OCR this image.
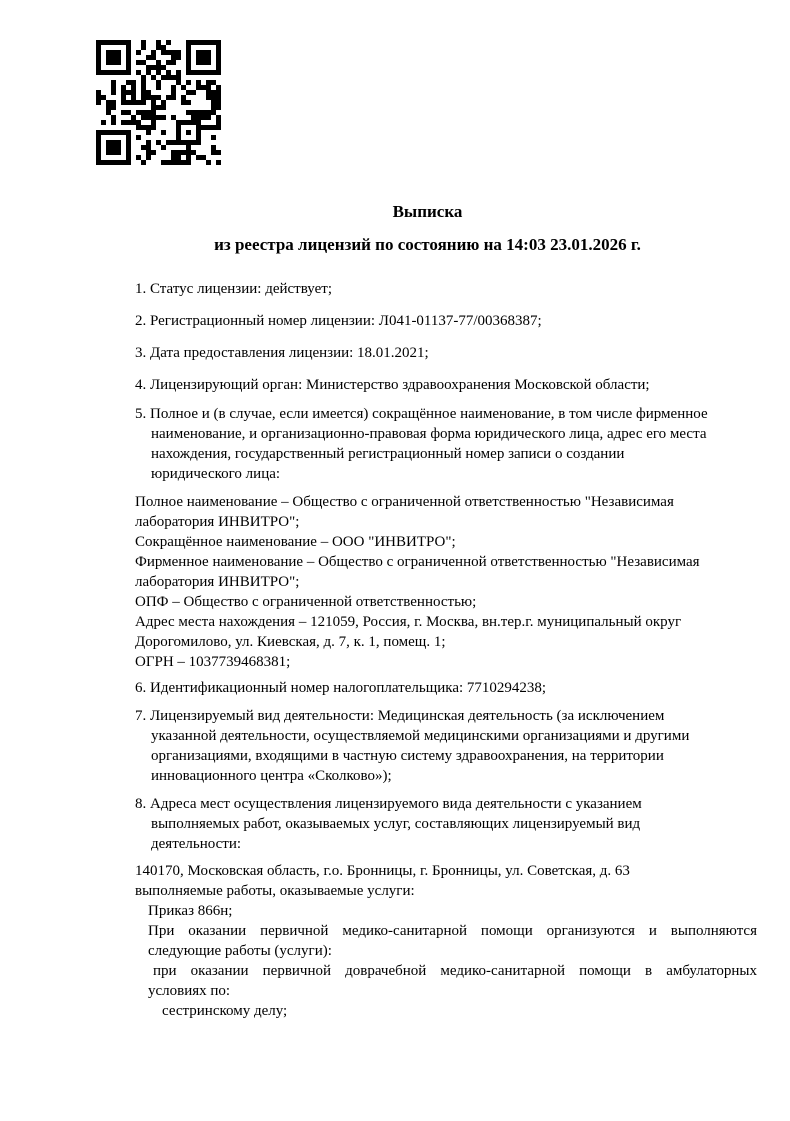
Выписка
из реестра лицензий по состоянию на 14:03 23.01.2026 г.
1. Статус лицензии: действует;
2. Регистрационный номер лицензии: Л041-01137-77/00368387;
3. Дата предоставления лицензии: 18.01.2021;
4. Лицензирующий орган: Министерство здравоохранения Московской области;
5. Полное и (в случае, если имеется) сокращённое наименование, в том числе фирменное
наименование, и организационно-правовая форма юридического лица, адрес его места
нахождения, государственный регистрационный номер записи о создании
юридического лица:
Полное наименование – Общество с ограниченной ответственностью "Независимая
лаборатория ИНВИТРО";
Сокращённое наименование – ООО "ИНВИТРО";
Фирменное наименование – Общество с ограниченной ответственностью "Независимая
лаборатория ИНВИТРО";
ОПФ – Общество с ограниченной ответственностью;
Адрес места нахождения – 121059, Россия, г. Москва, вн.тер.г. муниципальный округ
Дорогомилово, ул. Киевская, д. 7, к. 1, помещ. 1;
ОГРН – 1037739468381;
6. Идентификационный номер налогоплательщика: 7710294238;
7. Лицензируемый вид деятельности: Медицинская деятельность (за исключением
указанной деятельности, осуществляемой медицинскими организациями и другими
организациями, входящими в частную систему здравоохранения, на территории
инновационного центра «Сколково»);
8. Адреса мест осуществления лицензируемого вида деятельности с указанием
выполняемых работ, оказываемых услуг, составляющих лицензируемый вид
деятельности:
140170, Московская область, г.о. Бронницы, г. Бронницы, ул. Советская, д. 63
выполняемые работы, оказываемые услуги:
Приказ 866н;
При оказании первичной медико-санитарной помощи организуются и выполняются
следующие работы (услуги):
при оказании первичной доврачебной медико-санитарной помощи в амбулаторных
условиях по:
сестринскому делу;
